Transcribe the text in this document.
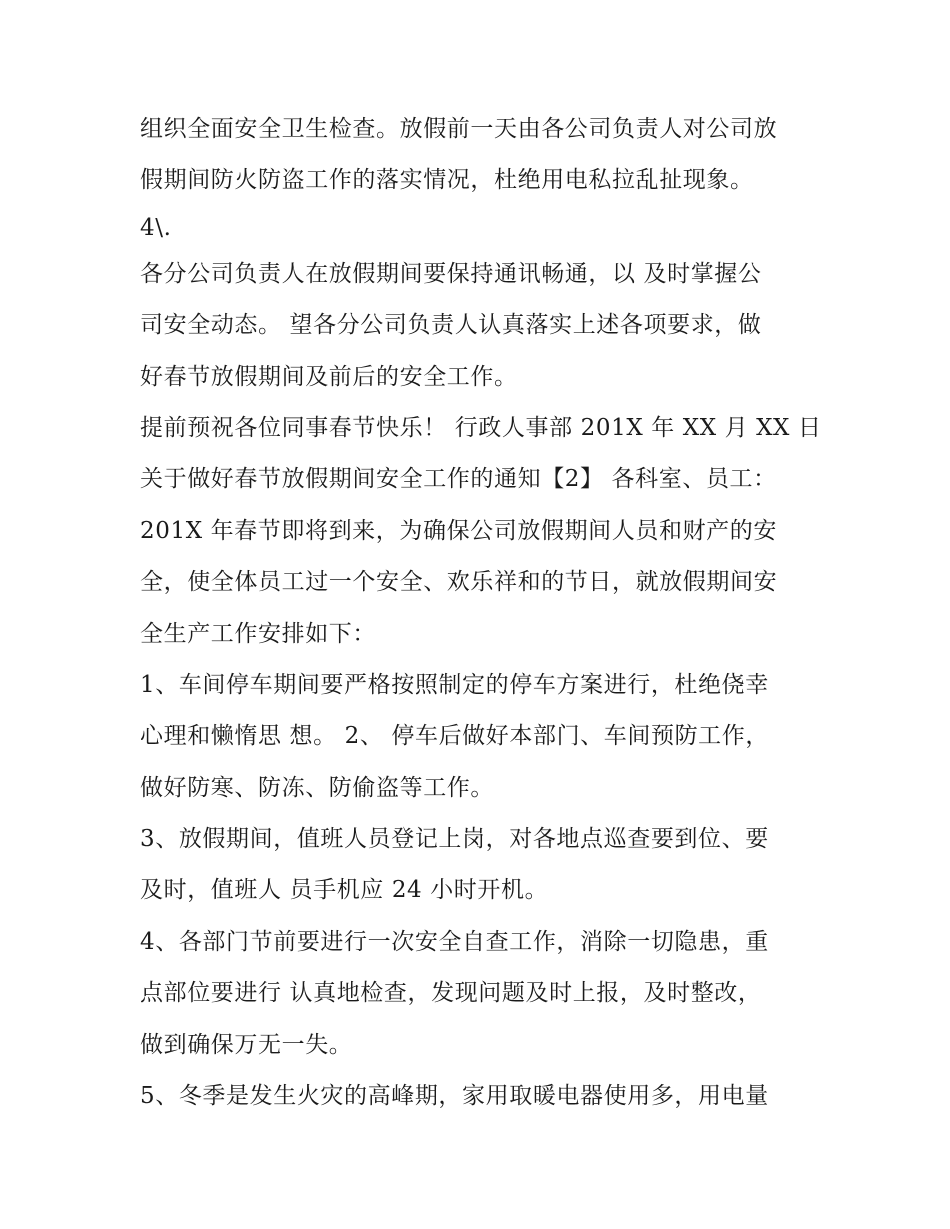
组织全面安全卫生检查。放假前一天由各公司负责人对公司放
假期间防火防盗工作的落实情况，杜绝用电私拉乱扯现象。
4\.
各分公司负责人在放假期间要保持通讯畅通，以 及时掌握公
司安全动态。 望各分公司负责人认真落实上述各项要求，做
好春节放假期间及前后的安全工作。
提前预祝各位同事春节快乐！ 行政人事部 201X 年 XX 月 XX 日
关于做好春节放假期间安全工作的通知【2】 各科室、员工：
201X 年春节即将到来，为确保公司放假期间人员和财产的安
全，使全体员工过一个安全、欢乐祥和的节日，就放假期间安
全生产工作安排如下：
1、车间停车期间要严格按照制定的停车方案进行，杜绝侥幸
心理和懒惰思 想。 2、 停车后做好本部门、车间预防工作，
做好防寒、防冻、防偷盗等工作。
3、放假期间，值班人员登记上岗，对各地点巡查要到位、要
及时，值班人 员手机应 24 小时开机。
4、各部门节前要进行一次安全自查工作，消除一切隐患，重
点部位要进行 认真地检查，发现问题及时上报，及时整改，
做到确保万无一失。
5、冬季是发生火灾的高峰期，家用取暖电器使用多，用电量
